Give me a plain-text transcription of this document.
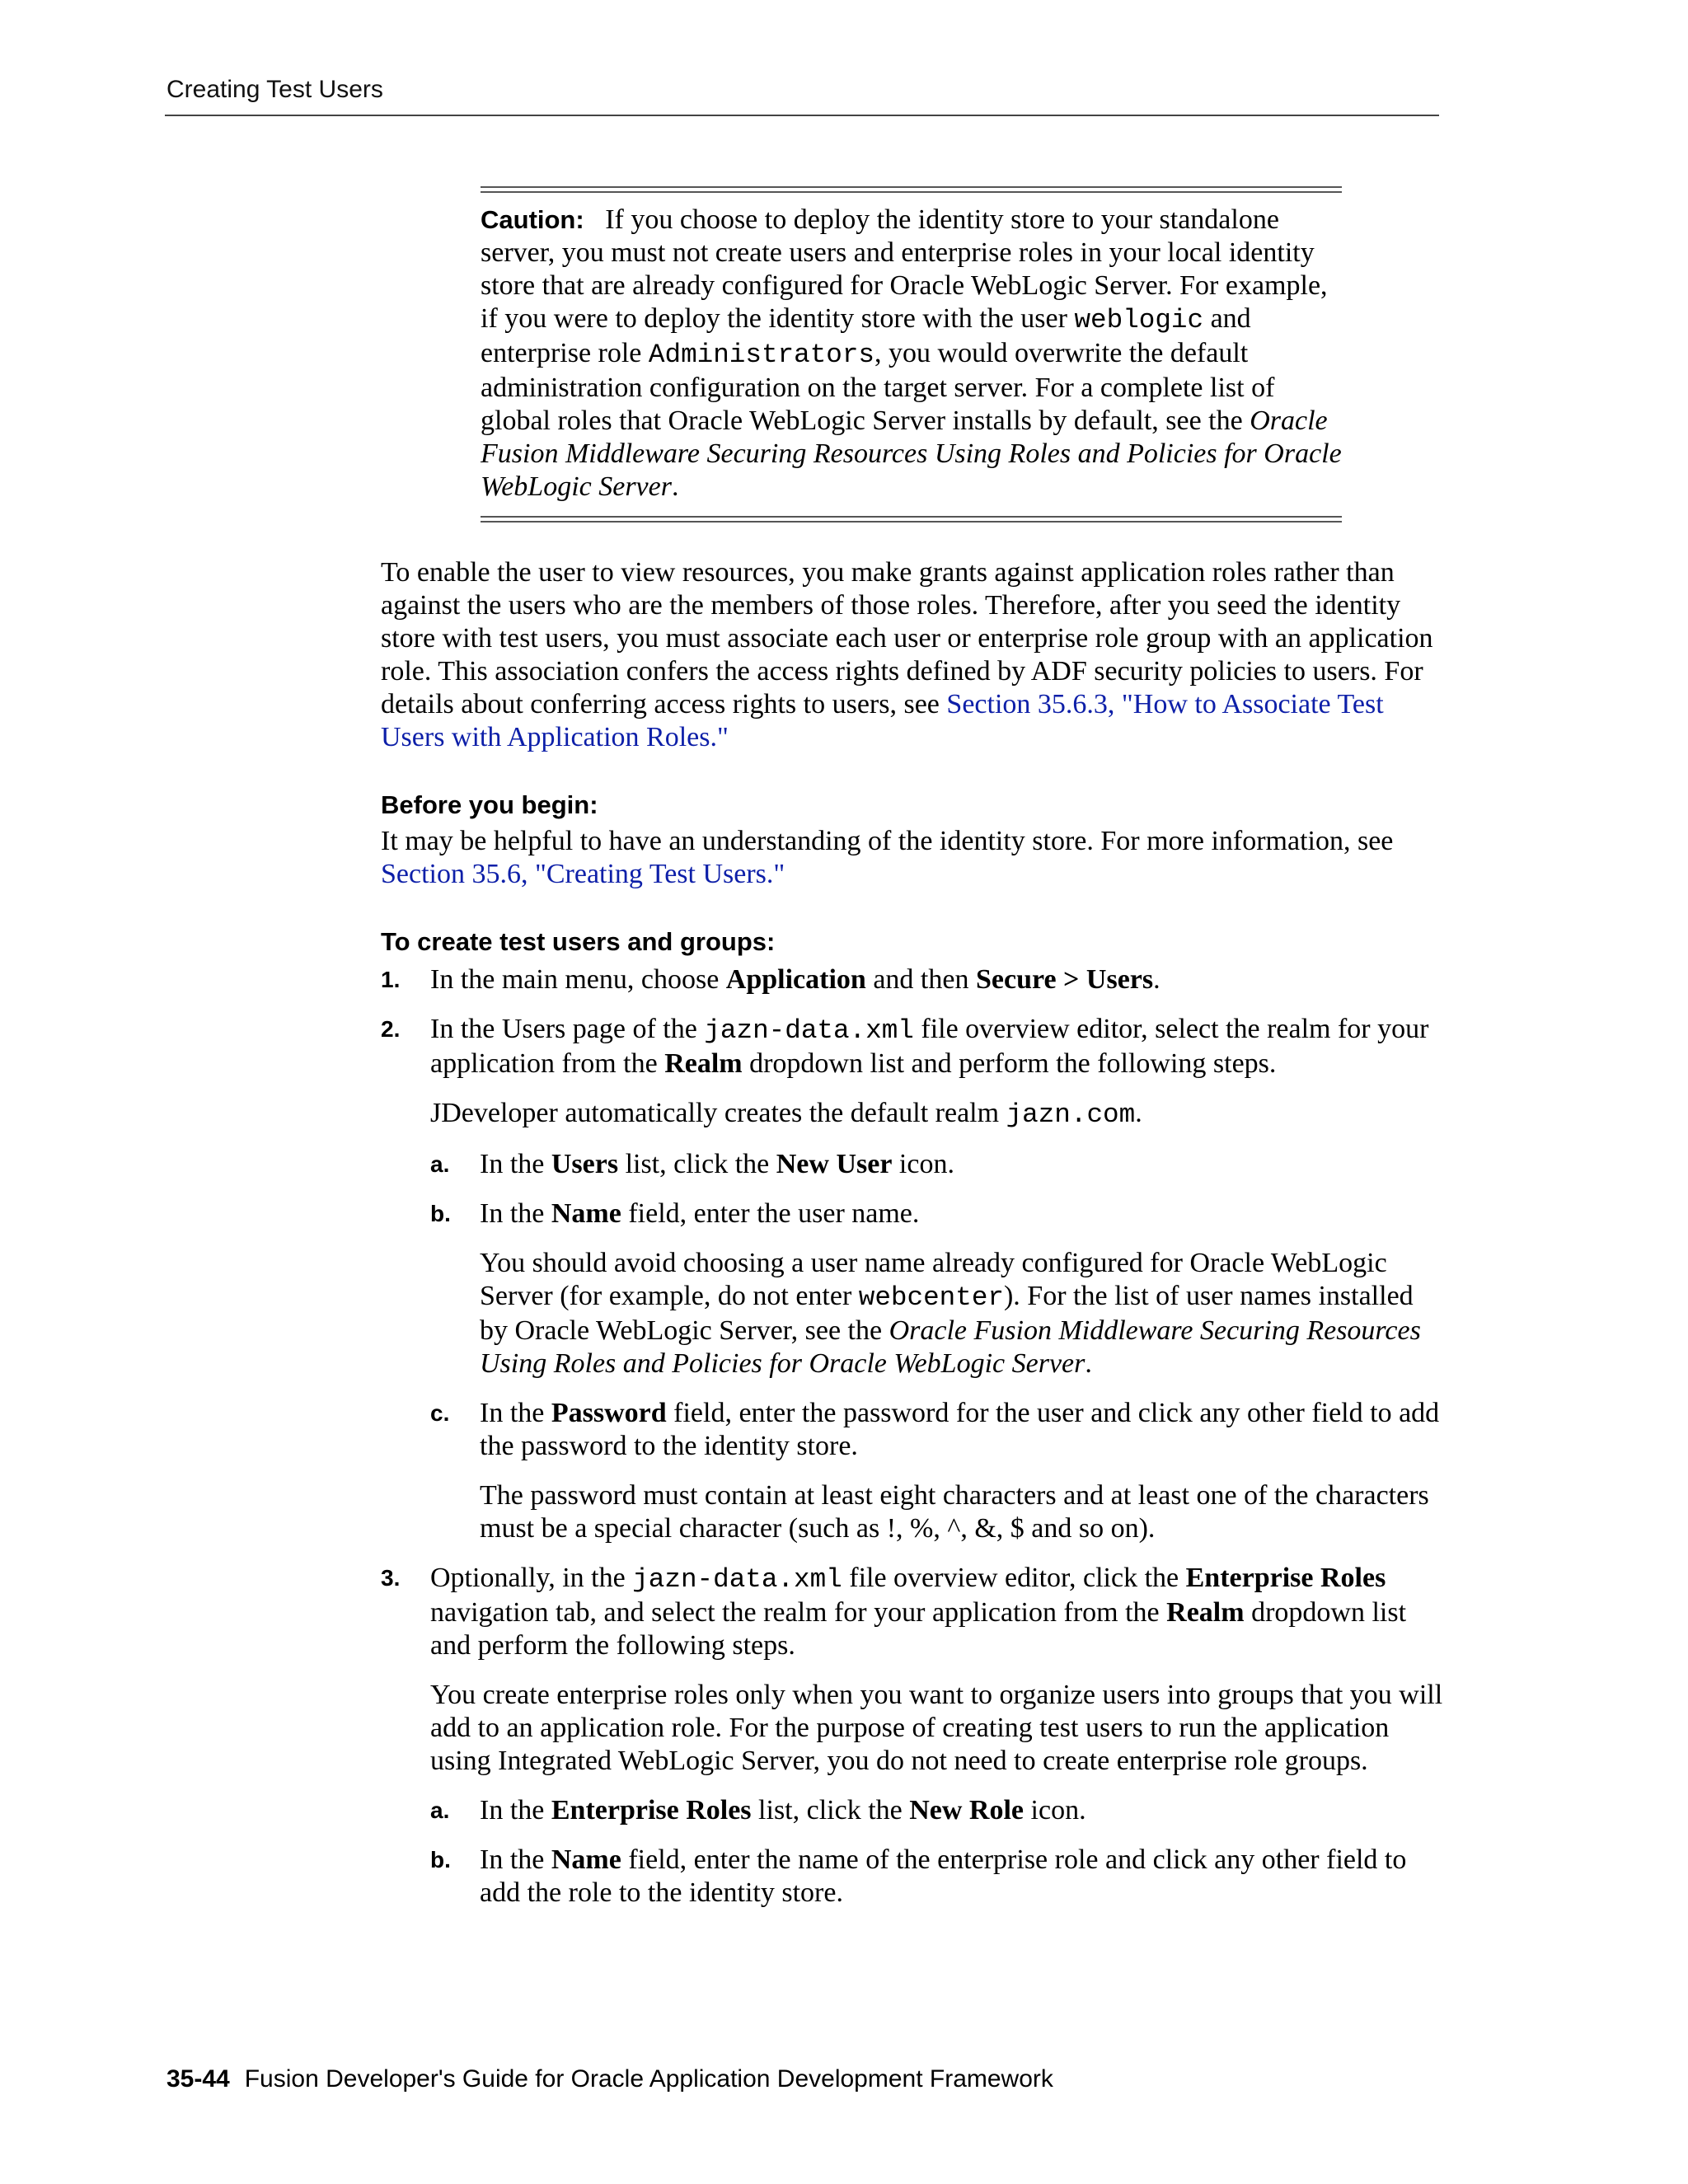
Creating Test Users
Caution: If you choose to deploy the identity store to your standalone server, you must not create users and enterprise roles in your local identity store that are already configured for Oracle WebLogic Server. For example, if you were to deploy the identity store with the user weblogic and enterprise role Administrators, you would overwrite the default administration configuration on the target server. For a complete list of global roles that Oracle WebLogic Server installs by default, see the Oracle Fusion Middleware Securing Resources Using Roles and Policies for Oracle WebLogic Server.

To enable the user to view resources, you make grants against application roles rather than against the users who are the members of those roles. Therefore, after you seed the identity store with test users, you must associate each user or enterprise role group with an application role. This association confers the access rights defined by ADF security policies to users. For details about conferring access rights to users, see Section 35.6.3, "How to Associate Test Users with Application Roles."

Before you begin:

It may be helpful to have an understanding of the identity store. For more information, see Section 35.6, "Creating Test Users."

To create test users and groups:
1. In the main menu, choose Application and then Secure > Users.
2. In the Users page of the jazn-data.xml file overview editor, select the realm for your application from the Realm dropdown list and perform the following steps.

JDeveloper automatically creates the default realm jazn.com.

a. In the Users list, click the New User icon.
b. In the Name field, enter the user name.

You should avoid choosing a user name already configured for Oracle WebLogic Server (for example, do not enter webcenter). For the list of user names installed by Oracle WebLogic Server, see the Oracle Fusion Middleware Securing Resources Using Roles and Policies for Oracle WebLogic Server.

c. In the Password field, enter the password for the user and click any other field to add the password to the identity store.

The password must contain at least eight characters and at least one of the characters must be a special character (such as !, %, ^, &, $ and so on).

3. Optionally, in the jazn-data.xml file overview editor, click the Enterprise Roles navigation tab, and select the realm for your application from the Realm dropdown list and perform the following steps.

You create enterprise roles only when you want to organize users into groups that you will add to an application role. For the purpose of creating test users to run the application using Integrated WebLogic Server, you do not need to create enterprise role groups.

a. In the Enterprise Roles list, click the New Role icon.
b. In the Name field, enter the name of the enterprise role and click any other field to add the role to the identity store.
35-44 Fusion Developer's Guide for Oracle Application Development Framework
